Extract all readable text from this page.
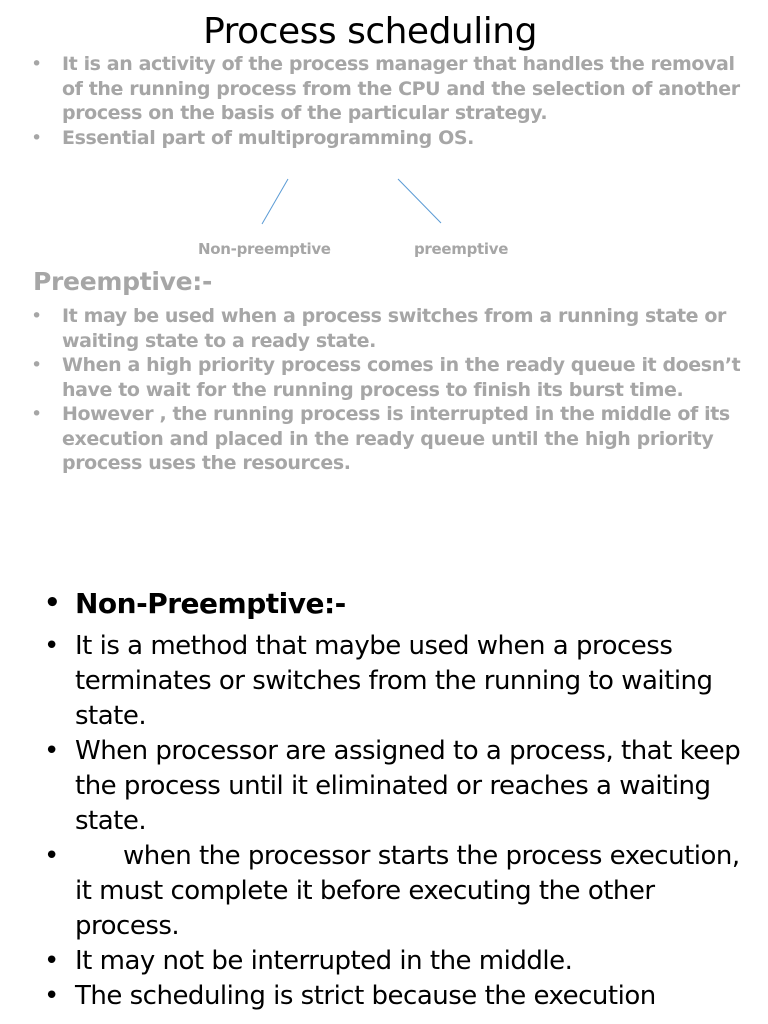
Process scheduling
• It is an activity of the process manager that handles the removal of the running process from the CPU and the selection of another process on the basis of the particular strategy.
• Essential part of multiprogramming OS.
Non-preemptive	preemptive
Preemptive:-
• It may be used when a process switches from a running state or waiting state to a ready state.
• When a high priority process comes in the ready queue it doesn’t have to wait for the running process to finish its burst time.
• However , the running process is interrupted in the middle of its execution and placed in the ready queue until the high priority process uses the resources.
• Non-Preemptive:-
• It is a method that maybe used when a process terminates or switches from the running to waiting state.
• When processor are assigned to a process, that keep the process until it eliminated or reaches a waiting state.
• when the processor starts the process execution, it must complete it before executing the other process.
• It may not be interrupted in the middle.
• The scheduling is strict because the execution
